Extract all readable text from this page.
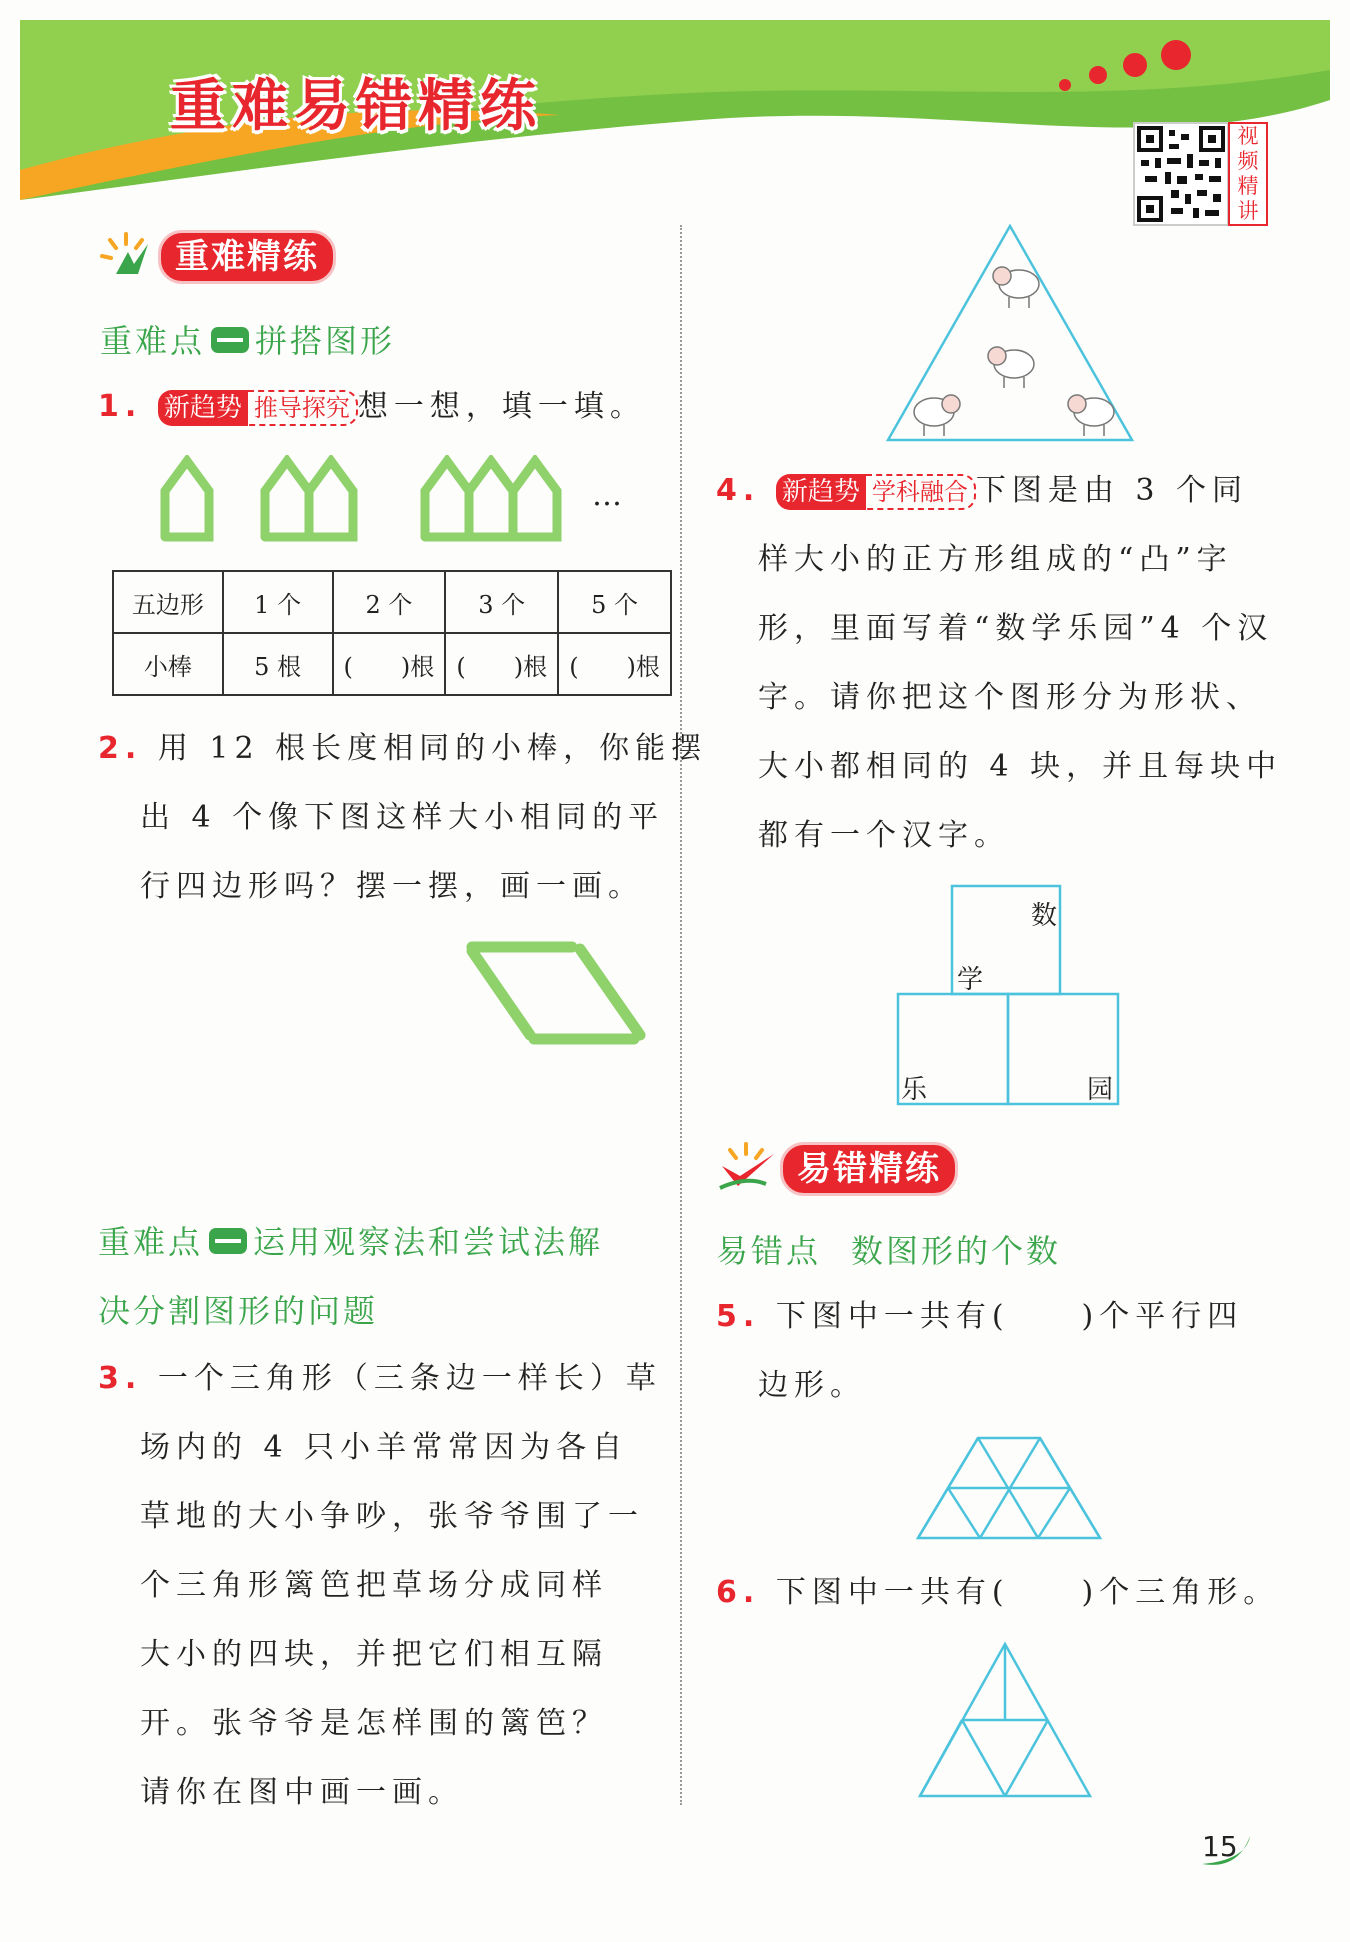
重难易错精练	视
频
精
讲
重难精练
重难点 拼搭图形
1. 新趋势 推导探究 想一想，填一填。
…
五边形	1 个	2 个	3 个	5 个
小棒	5 根	(　　)根	(　　)根	(　　)根
2. 用 12 根长度相同的小棒，你能摆
出 4 个像下图这样大小相同的平
行四边形吗？摆一摆，画一画。
重难点 运用观察法和尝试法解
决分割图形的问题
3. 一个三角形（三条边一样长）草
场内的 4 只小羊常常因为各自
草地的大小争吵，张爷爷围了一
个三角形篱笆把草场分成同样
大小的四块，并把它们相互隔
开。张爷爷是怎样围的篱笆？
请你在图中画一画。
4. 新趋势 学科融合 下图是由 3 个同
样大小的正方形组成的“凸”字
形，里面写着“数学乐园”4 个汉
字。请你把这个图形分为形状、
大小都相同的 4 块，并且每块中
都有一个汉字。
数
学
乐	园
易错精练
易错点 数图形的个数
5. 下图中一共有(　　)个平行四
边形。
6. 下图中一共有(　　)个三角形。
15
